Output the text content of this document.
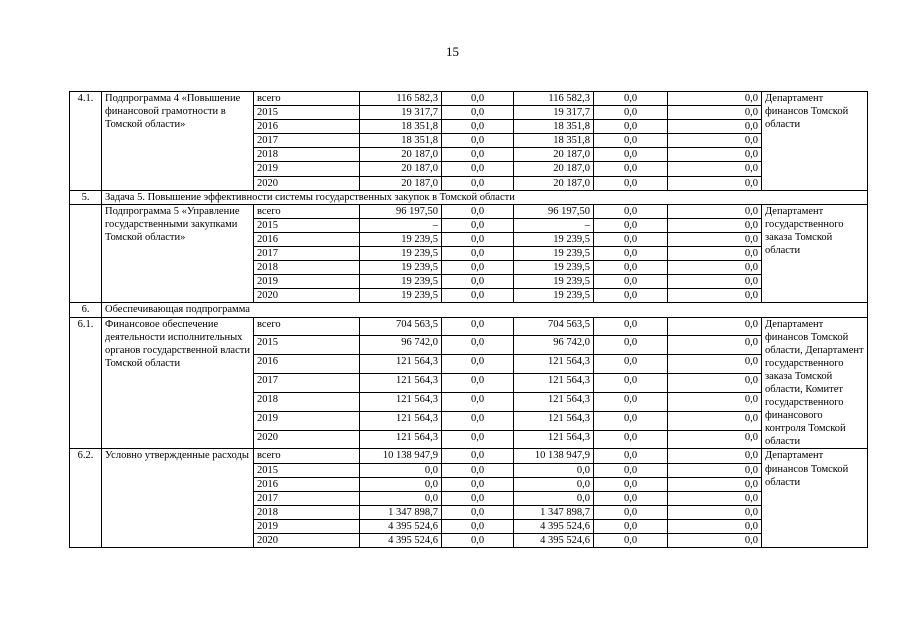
15
4.1.	Подпрограмма 4 «Повышение финансовой грамотности в Томской области»	всего	116 582,3	0,0	116 582,3	0,0	0,0	Департамент финансов Томской области
		2015	19 317,7	0,0	19 317,7	0,0	0,0	
		2016	18 351,8	0,0	18 351,8	0,0	0,0	
		2017	18 351,8	0,0	18 351,8	0,0	0,0	
		2018	20 187,0	0,0	20 187,0	0,0	0,0	
		2019	20 187,0	0,0	20 187,0	0,0	0,0	
		2020	20 187,0	0,0	20 187,0	0,0	0,0	
5.	Задача 5. Повышение эффективности системы государственных закупок в Томской области							
	Подпрограмма 5 «Управление государственными закупками Томской области»	всего	96 197,50	0,0	96 197,50	0,0	0,0	Департамент государственного заказа Томской области
		2015	–	0,0	–	0,0	0,0	
		2016	19 239,5	0,0	19 239,5	0,0	0,0	
		2017	19 239,5	0,0	19 239,5	0,0	0,0	
		2018	19 239,5	0,0	19 239,5	0,0	0,0	
		2019	19 239,5	0,0	19 239,5	0,0	0,0	
		2020	19 239,5	0,0	19 239,5	0,0	0,0	
6.	Обеспечивающая подпрограмма							
6.1.	Финансовое обеспечение деятельности исполнительных органов государственной власти Томской области	всего	704 563,5	0,0	704 563,5	0,0	0,0	Департамент финансов Томской области, Департамент государственного заказа Томской области, Комитет государственного финансового контроля Томской области
		2015	96 742,0	0,0	96 742,0	0,0	0,0	
		2016	121 564,3	0,0	121 564,3	0,0	0,0	
		2017	121 564,3	0,0	121 564,3	0,0	0,0	
		2018	121 564,3	0,0	121 564,3	0,0	0,0	
		2019	121 564,3	0,0	121 564,3	0,0	0,0	
		2020	121 564,3	0,0	121 564,3	0,0	0,0	
6.2.	Условно утвержденные расходы	всего	10 138 947,9	0,0	10 138 947,9	0,0	0,0	Департамент финансов Томской области
		2015	0,0	0,0	0,0	0,0	0,0	
		2016	0,0	0,0	0,0	0,0	0,0	
		2017	0,0	0,0	0,0	0,0	0,0	
		2018	1 347 898,7	0,0	1 347 898,7	0,0	0,0	
		2019	4 395 524,6	0,0	4 395 524,6	0,0	0,0	
		2020	4 395 524,6	0,0	4 395 524,6	0,0	0,0	
